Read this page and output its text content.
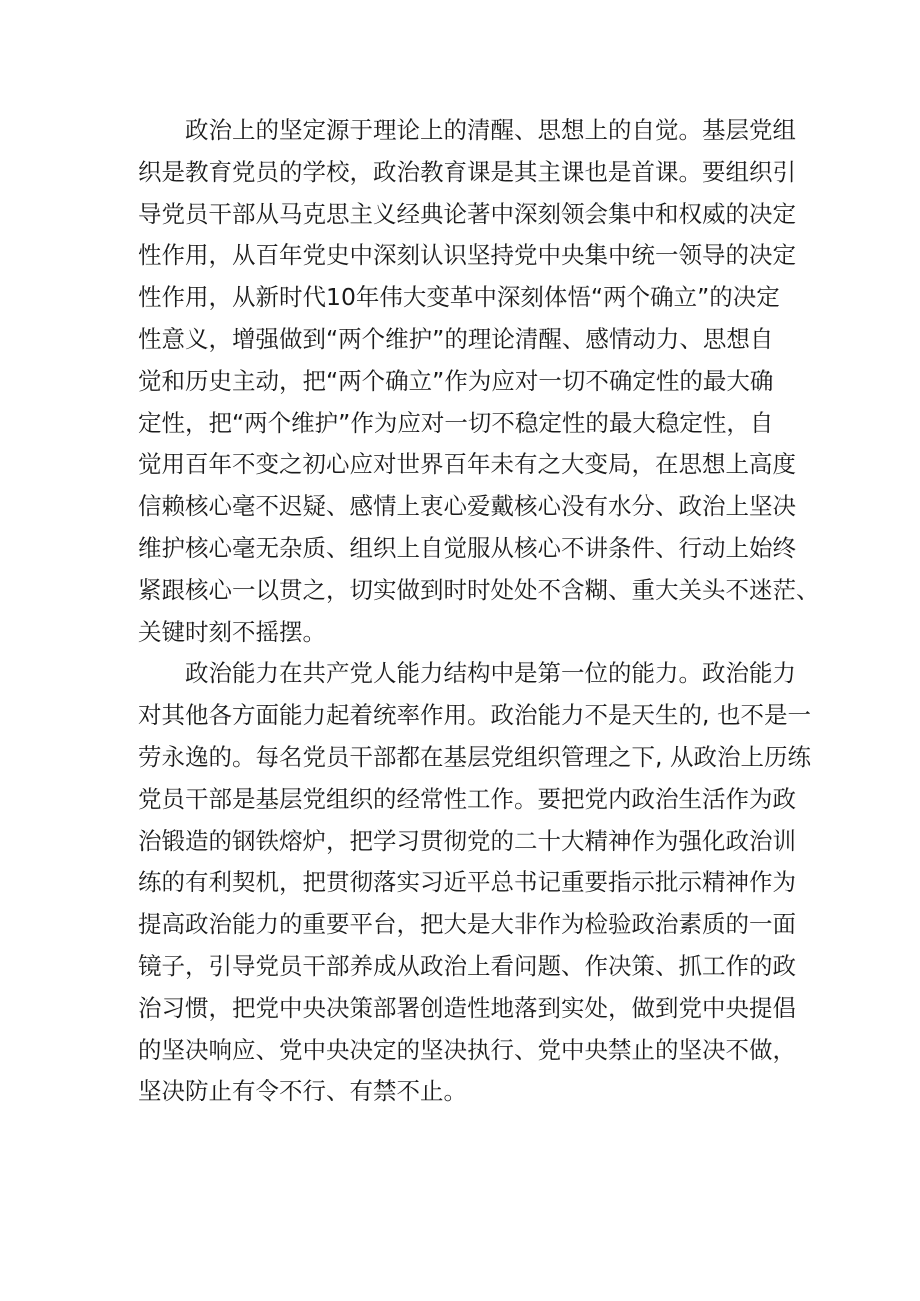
政治上的坚定源于理论上的清醒、思想上的自觉。基层党组
织是教育党员的学校，政治教育课是其主课也是首课。要组织引
导党员干部从马克思主义经典论著中深刻领会集中和权威的决定
性作用，从百年党史中深刻认识坚持党中央集中统一领导的决定
性作用，从新时代10年伟大变革中深刻体悟“两个确立”的决定
性意义，增强做到“两个维护”的理论清醒、感情动力、思想自
觉和历史主动，把“两个确立”作为应对一切不确定性的最大确
定性，把“两个维护”作为应对一切不稳定性的最大稳定性，自
觉用百年不变之初心应对世界百年未有之大变局，在思想上高度
信赖核心毫不迟疑、感情上衷心爱戴核心没有水分、政治上坚决
维护核心毫无杂质、组织上自觉服从核心不讲条件、行动上始终
紧跟核心一以贯之，切实做到时时处处不含糊、重大关头不迷茫、
关键时刻不摇摆。
政治能力在共产党人能力结构中是第一位的能力。政治能力
对其他各方面能力起着统率作用。政治能力不是天生的, 也不是一
劳永逸的。每名党员干部都在基层党组织管理之下, 从政治上历练
党员干部是基层党组织的经常性工作。要把党内政治生活作为政
治锻造的钢铁熔炉，把学习贯彻党的二十大精神作为强化政治训
练的有利契机，把贯彻落实习近平总书记重要指示批示精神作为
提高政治能力的重要平台，把大是大非作为检验政治素质的一面
镜子，引导党员干部养成从政治上看问题、作决策、抓工作的政
治习惯，把党中央决策部署创造性地落到实处，做到党中央提倡
的坚决响应、党中央决定的坚决执行、党中央禁止的坚决不做，
坚决防止有令不行、有禁不止。
